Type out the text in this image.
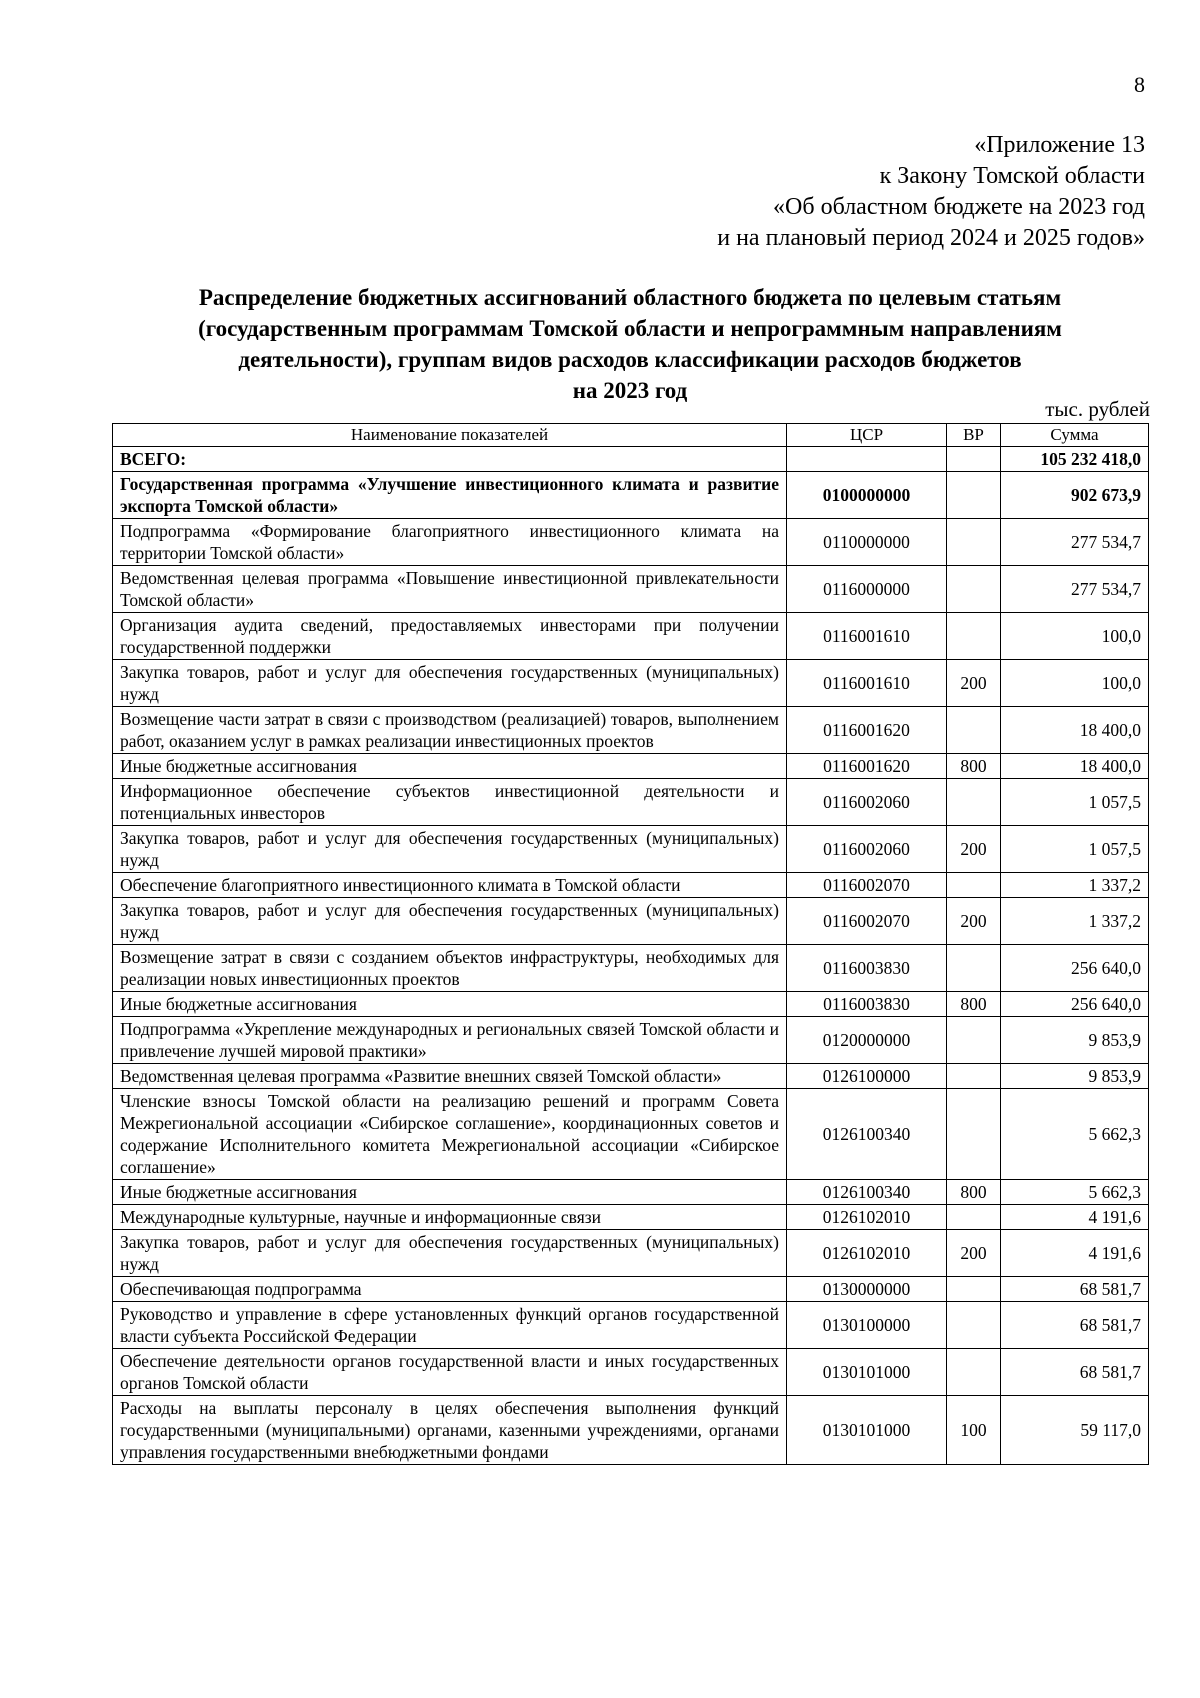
8
«Приложение 13
к Закону Томской области
«Об областном бюджете на 2023 год
и на плановый период 2024 и 2025 годов»
Распределение бюджетных ассигнований областного бюджета по целевым статьям
(государственным программам Томской области и непрограммным направлениям
деятельности), группам видов расходов классификации расходов бюджетов
на 2023 год
тыс. рублей
Наименование показателей	ЦСР	ВР	Сумма
ВСЕГО:			105 232 418,0
Государственная программа «Улучшение инвестиционного климата и развитие экспорта Томской области»	0100000000		902 673,9
Подпрограмма «Формирование благоприятного инвестиционного климата на территории Томской области»	0110000000		277 534,7
Ведомственная целевая программа «Повышение инвестиционной привлекательности Томской области»	0116000000		277 534,7
Организация аудита сведений, предоставляемых инвесторами при получении государственной поддержки	0116001610		100,0
Закупка товаров, работ и услуг для обеспечения государственных (муниципальных) нужд	0116001610	200	100,0
Возмещение части затрат в связи с производством (реализацией) товаров, выполнением работ, оказанием услуг в рамках реализации инвестиционных проектов	0116001620		18 400,0
Иные бюджетные ассигнования	0116001620	800	18 400,0
Информационное обеспечение субъектов инвестиционной деятельности и потенциальных инвесторов	0116002060		1 057,5
Закупка товаров, работ и услуг для обеспечения государственных (муниципальных) нужд	0116002060	200	1 057,5
Обеспечение благоприятного инвестиционного климата в Томской области	0116002070		1 337,2
Закупка товаров, работ и услуг для обеспечения государственных (муниципальных) нужд	0116002070	200	1 337,2
Возмещение затрат в связи с созданием объектов инфраструктуры, необходимых для реализации новых инвестиционных проектов	0116003830		256 640,0
Иные бюджетные ассигнования	0116003830	800	256 640,0
Подпрограмма «Укрепление международных и региональных связей Томской области и привлечение лучшей мировой практики»	0120000000		9 853,9
Ведомственная целевая программа «Развитие внешних связей Томской области»	0126100000		9 853,9
Членские взносы Томской области на реализацию решений и программ Совета Межрегиональной ассоциации «Сибирское соглашение», координационных советов и содержание Исполнительного комитета Межрегиональной ассоциации «Сибирское соглашение»	0126100340		5 662,3
Иные бюджетные ассигнования	0126100340	800	5 662,3
Международные культурные, научные и информационные связи	0126102010		4 191,6
Закупка товаров, работ и услуг для обеспечения государственных (муниципальных) нужд	0126102010	200	4 191,6
Обеспечивающая подпрограмма	0130000000		68 581,7
Руководство и управление в сфере установленных функций органов государственной власти субъекта Российской Федерации	0130100000		68 581,7
Обеспечение деятельности органов государственной власти и иных государственных органов Томской области	0130101000		68 581,7
Расходы на выплаты персоналу в целях обеспечения выполнения функций государственными (муниципальными) органами, казенными учреждениями, органами управления государственными внебюджетными фондами	0130101000	100	59 117,0
